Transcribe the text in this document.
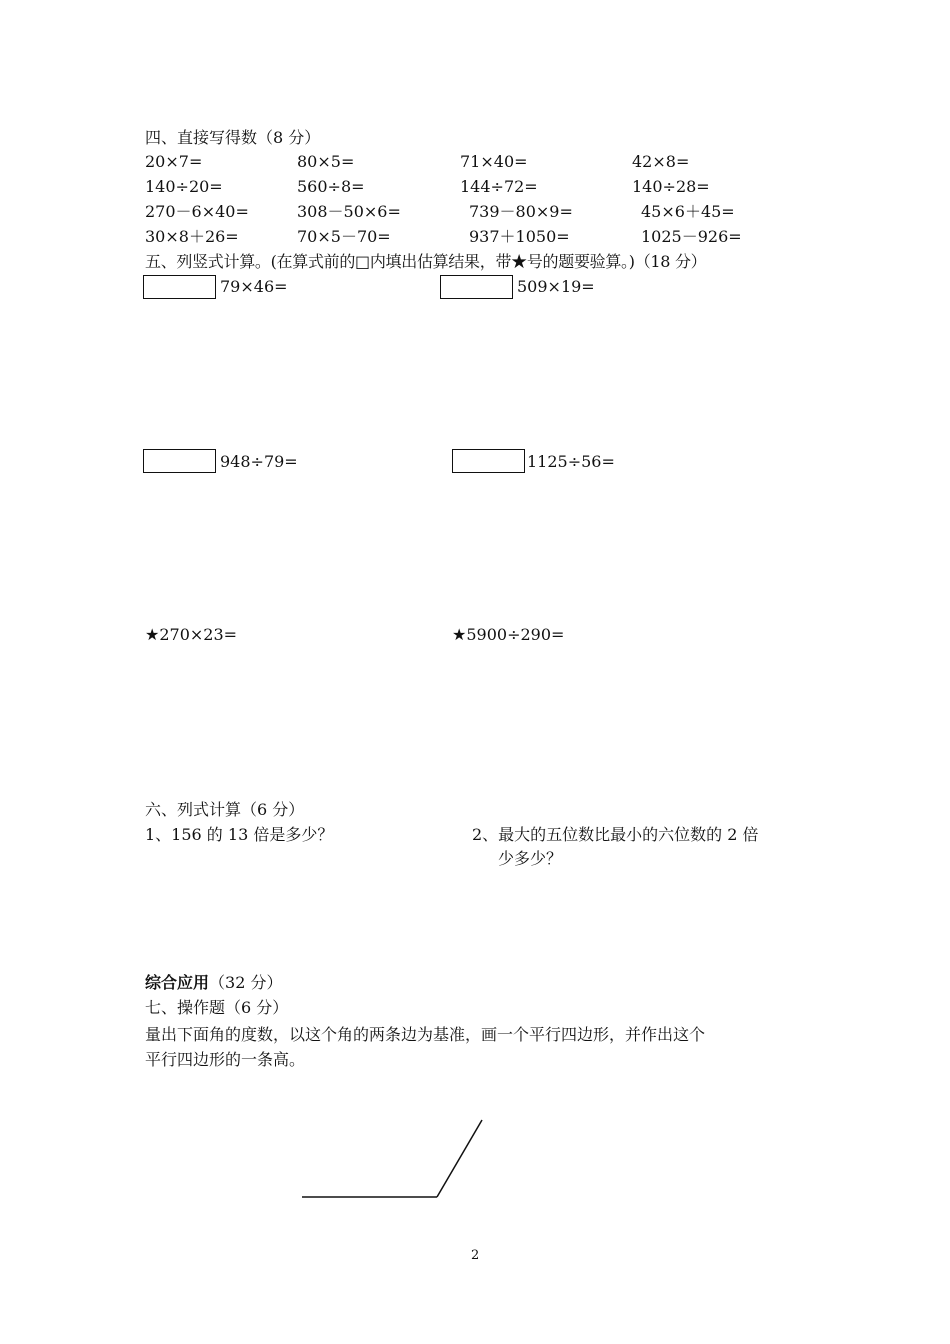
四、直接写得数（8 分）
20×7=	80×5=	71×40=	42×8=
140÷20=	560÷8=	144÷72=	140÷28=
270－6×40=	308－50×6=	739－80×9=	45×6＋45=
30×8＋26=	70×5－70=	937＋1050=	1025－926=
五、列竖式计算。(在算式前的□内填出估算结果，带★号的题要验算。)（18 分）
79×46=	509×19=
948÷79=	1125÷56=
★270×23=	★5900÷290=
六、列式计算（6 分）
1、156 的 13 倍是多少？	2、最大的五位数比最小的六位数的 2 倍
少多少？
综合应用（32 分）
七、操作题（6 分）
量出下面角的度数，以这个角的两条边为基准，画一个平行四边形，并作出这个
平行四边形的一条高。
2
